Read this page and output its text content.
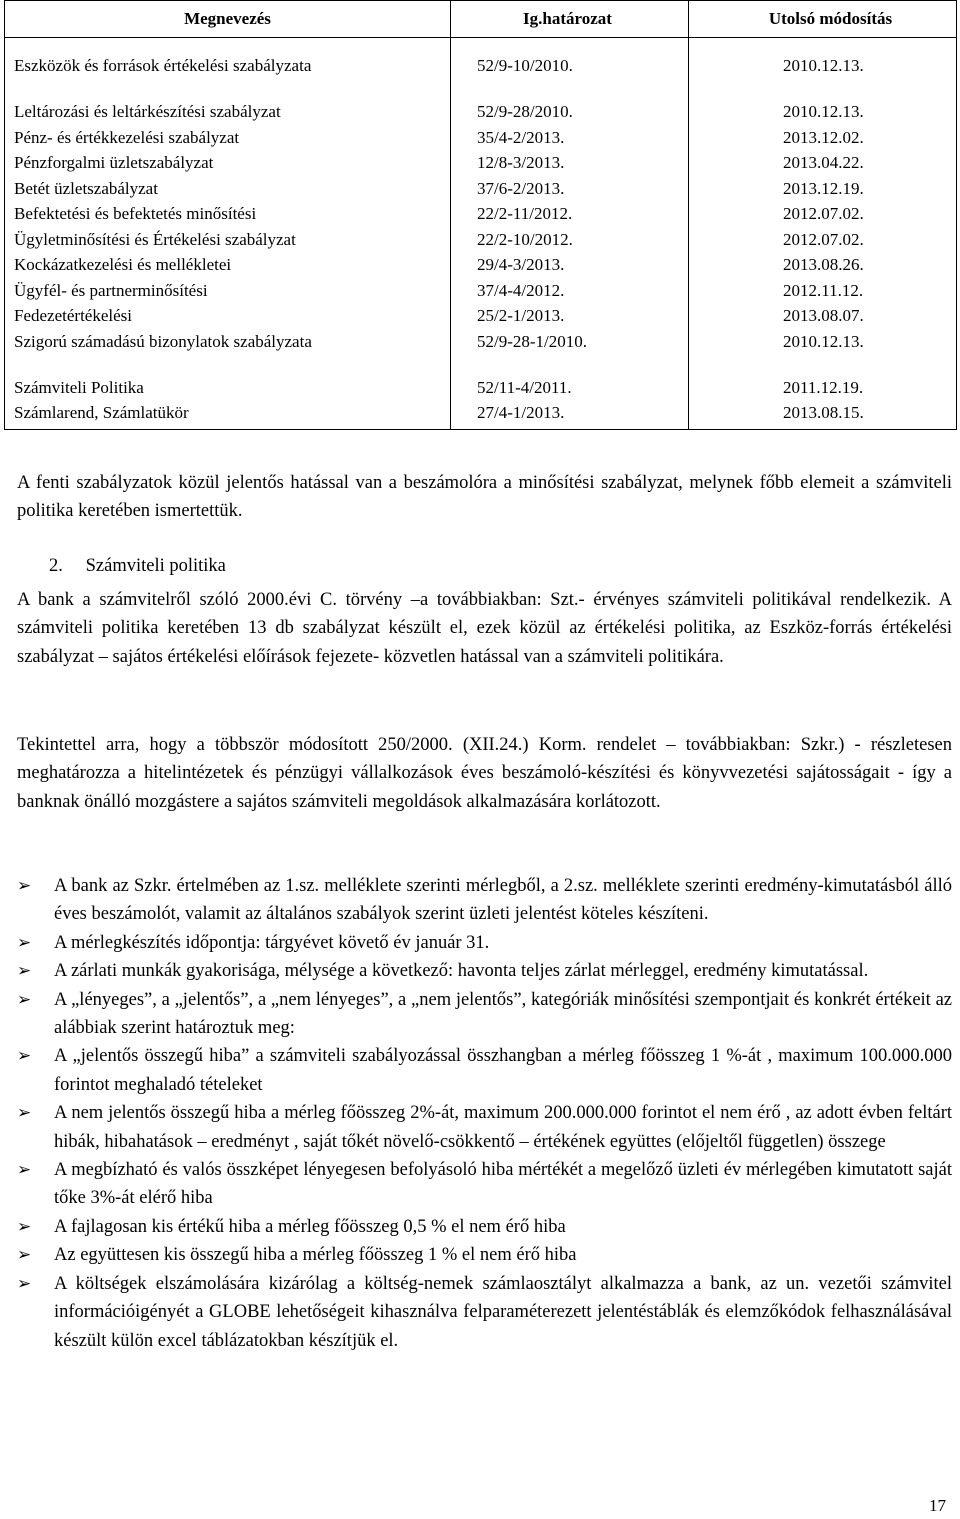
Megnevezés	Ig.határozat	Utolsó módosítás

Eszközök és források értékelési szabályzata	52/9-10/2010.	2010.12.13.
Leltározási és leltárkészítési szabályzat	52/9-28/2010.	2010.12.13.
Pénz- és értékkezelési szabályzat	35/4-2/2013.	2013.12.02.
Pénzforgalmi üzletszabályzat	12/8-3/2013.	2013.04.22.
Betét üzletszabályzat	37/6-2/2013.	2013.12.19.
Befektetési és befektetés minősítési	22/2-11/2012.	2012.07.02.
Ügyletminősítési és Értékelési szabályzat	22/2-10/2012.	2012.07.02.
Kockázatkezelési és mellékletei	29/4-3/2013.	2013.08.26.
Ügyfél- és partnerminősítési	37/4-4/2012.	2012.11.12.
Fedezetértékelési	25/2-1/2013.	2013.08.07.
Szigorú számadású bizonylatok szabályzata	52/9-28-1/2010.	2010.12.13.
Számviteli Politika	52/11-4/2011.	2011.12.19.
Számlarend, Számlatükör	27/4-1/2013.	2013.08.15.
A fenti szabályzatok közül jelentős hatással van a beszámolóra a minősítési szabályzat, melynek főbb elemeit a számviteli politika keretében ismertettük.
2. Számviteli politika
A bank a számvitelről szóló 2000.évi C. törvény –a továbbiakban: Szt.- érvényes számviteli politikával rendelkezik. A számviteli politika keretében 13 db szabályzat készült el, ezek közül az értékelési politika, az Eszköz-forrás értékelési szabályzat – sajátos értékelési előírások fejezete- közvetlen hatással van a számviteli politikára.
Tekintettel arra, hogy a többször módosított 250/2000. (XII.24.) Korm. rendelet – továbbiakban: Szkr.) - részletesen meghatározza a hitelintézetek és pénzügyi vállalkozások éves beszámoló-készítési és könyvvezetési sajátosságait - így a banknak önálló mozgástere a sajátos számviteli megoldások alkalmazására korlátozott.
➢ A bank az Szkr. értelmében az 1.sz. melléklete szerinti mérlegből, a 2.sz. melléklete szerinti eredmény-kimutatásból álló éves beszámolót, valamit az általános szabályok szerint üzleti jelentést köteles készíteni.
➢ A mérlegkészítés időpontja: tárgyévet követő év január 31.
➢ A zárlati munkák gyakorisága, mélysége a következő: havonta teljes zárlat mérleggel, eredmény kimutatással.
➢ A „lényeges”, a „jelentős”, a „nem lényeges”, a „nem jelentős”, kategóriák minősítési szempontjait és konkrét értékeit az alábbiak szerint határoztuk meg:
➢ A „jelentős összegű hiba” a számviteli szabályozással összhangban a mérleg főösszeg 1 %-át , maximum 100.000.000 forintot meghaladó tételeket
➢ A nem jelentős összegű hiba a mérleg főösszeg 2%-át, maximum 200.000.000 forintot el nem érő , az adott évben feltárt hibák, hibahatások – eredményt , saját tőkét növelő-csökkentő – értékének együttes (előjeltől független) összege
➢ A megbízható és valós összképet lényegesen befolyásoló hiba mértékét a megelőző üzleti év mérlegében kimutatott saját tőke 3%-át elérő hiba
➢ A fajlagosan kis értékű hiba a mérleg főösszeg 0,5 % el nem érő hiba
➢ Az együttesen kis összegű hiba a mérleg főösszeg 1 % el nem érő hiba
➢ A költségek elszámolására kizárólag a költség-nemek számlaosztályt alkalmazza a bank, az un. vezetői számvitel információigényét a GLOBE lehetőségeit kihasználva felparaméterezett jelentéstáblák és elemzőkódok felhasználásával készült külön excel táblázatokban készítjük el.
17
